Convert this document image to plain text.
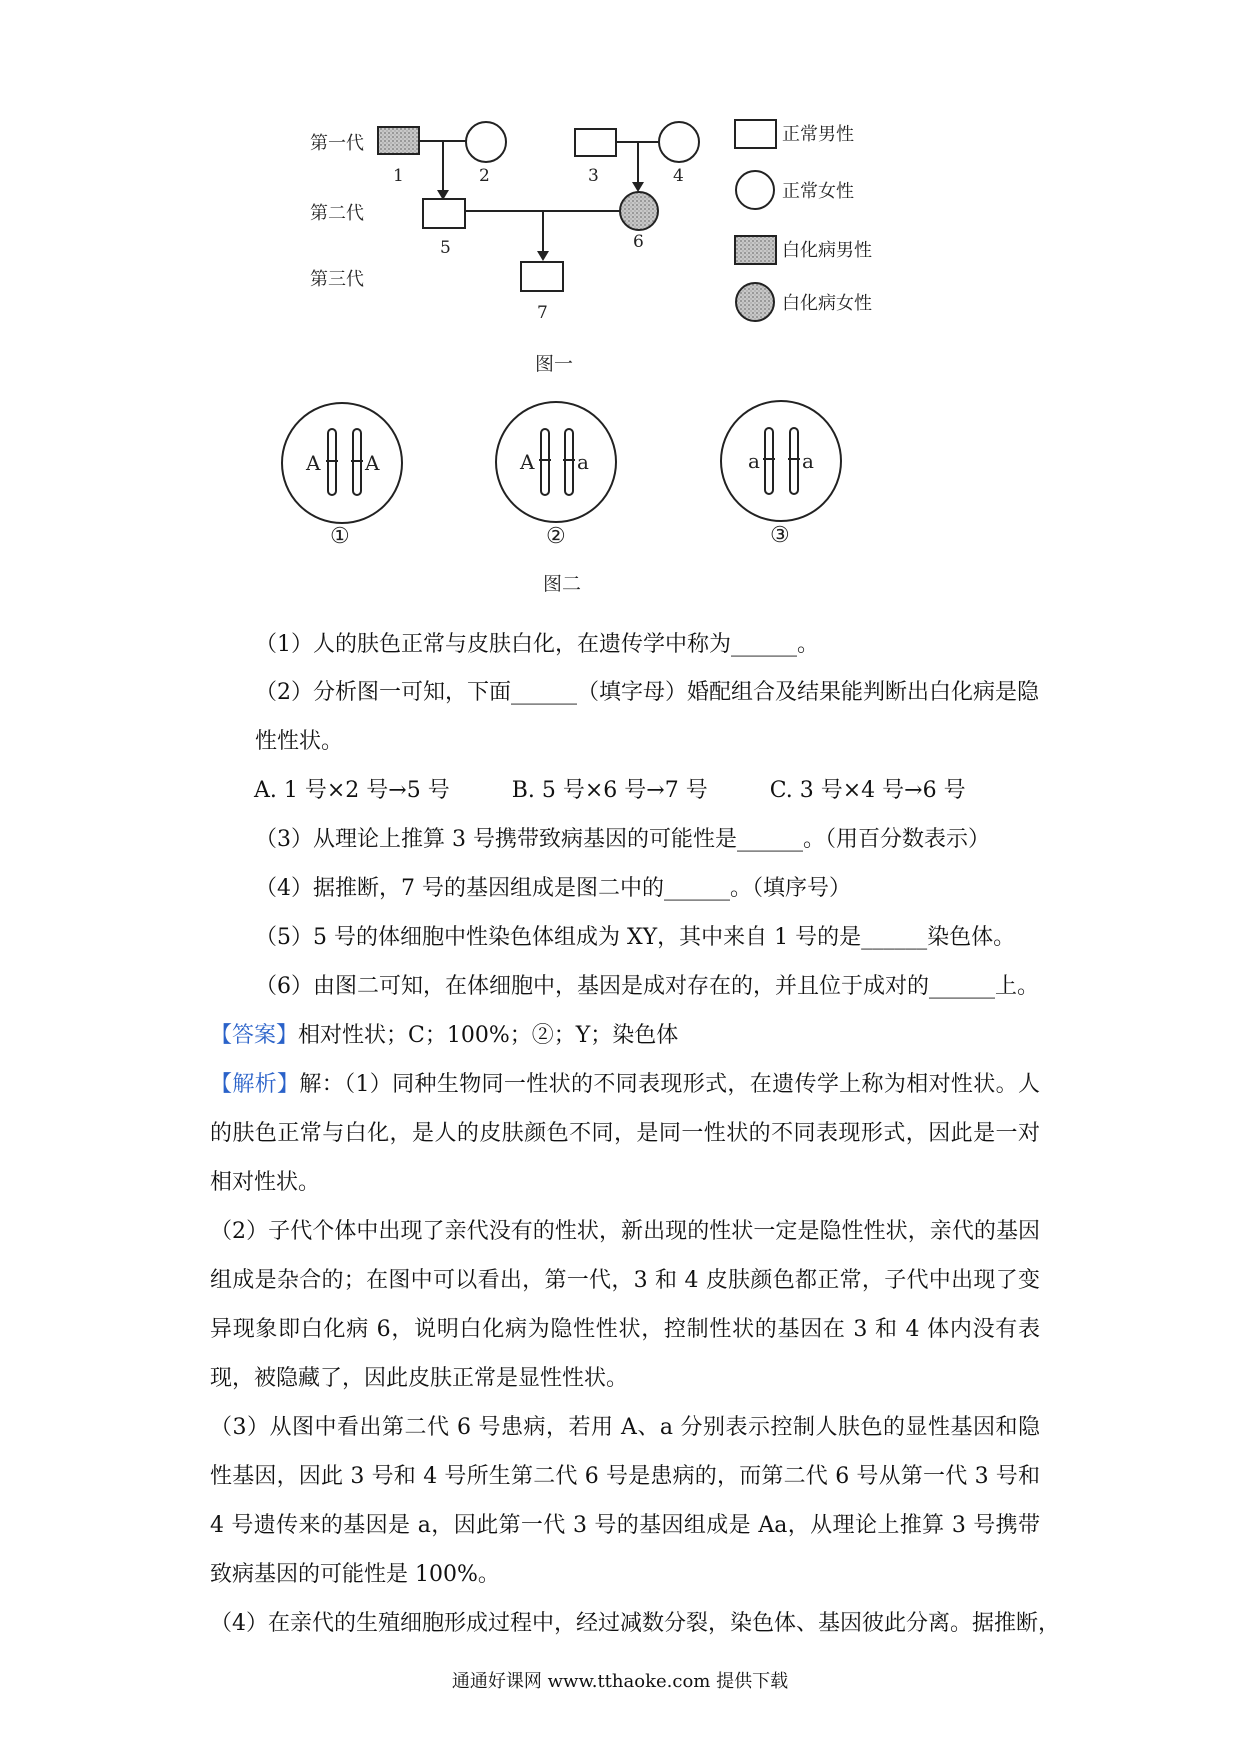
第一代
第二代
第三代
1	2	3	4
5	6
7
正常男性
正常女性
白化病男性
白化病女性
图一
A A
①
A a
②
a a
③
图二
（1）人的肤色正常与皮肤白化，在遗传学中称为______。
（2）分析图一可知，下面______（填字母）婚配组合及结果能判断出白化病是隐
性性状。
A. 1 号×2 号→5 号	B. 5 号×6 号→7 号	C. 3 号×4 号→6 号
（3）从理论上推算 3 号携带致病基因的可能性是______。（用百分数表示）
（4）据推断，7 号的基因组成是图二中的______。（填序号）
（5）5 号的体细胞中性染色体组成为 XY，其中来自 1 号的是______染色体。
（6）由图二可知，在体细胞中，基因是成对存在的，并且位于成对的______上。
【答案】相对性状；C；100%；②；Y；染色体
【解析】解：（1）同种生物同一性状的不同表现形式，在遗传学上称为相对性状。人的肤色正常与白化，是人的皮肤颜色不同，是同一性状的不同表现形式，因此是一对相对性状。
（2）子代个体中出现了亲代没有的性状，新出现的性状一定是隐性性状，亲代的基因组成是杂合的；在图中可以看出，第一代，3 和 4 皮肤颜色都正常，子代中出现了变异现象即白化病 6，说明白化病为隐性性状，控制性状的基因在 3 和 4 体内没有表现，被隐藏了，因此皮肤正常是显性性状。
（3）从图中看出第二代 6 号患病，若用 A、a 分别表示控制人肤色的显性基因和隐性基因，因此 3 号和 4 号所生第二代 6 号是患病的，而第二代 6 号从第一代 3 号和 4 号遗传来的基因是 a，因此第一代 3 号的基因组成是 Aa，从理论上推算 3 号携带致病基因的可能性是 100%。
（4）在亲代的生殖细胞形成过程中，经过减数分裂，染色体、基因彼此分离。据推断，
通通好课网 www.tthaoke.com 提供下载
